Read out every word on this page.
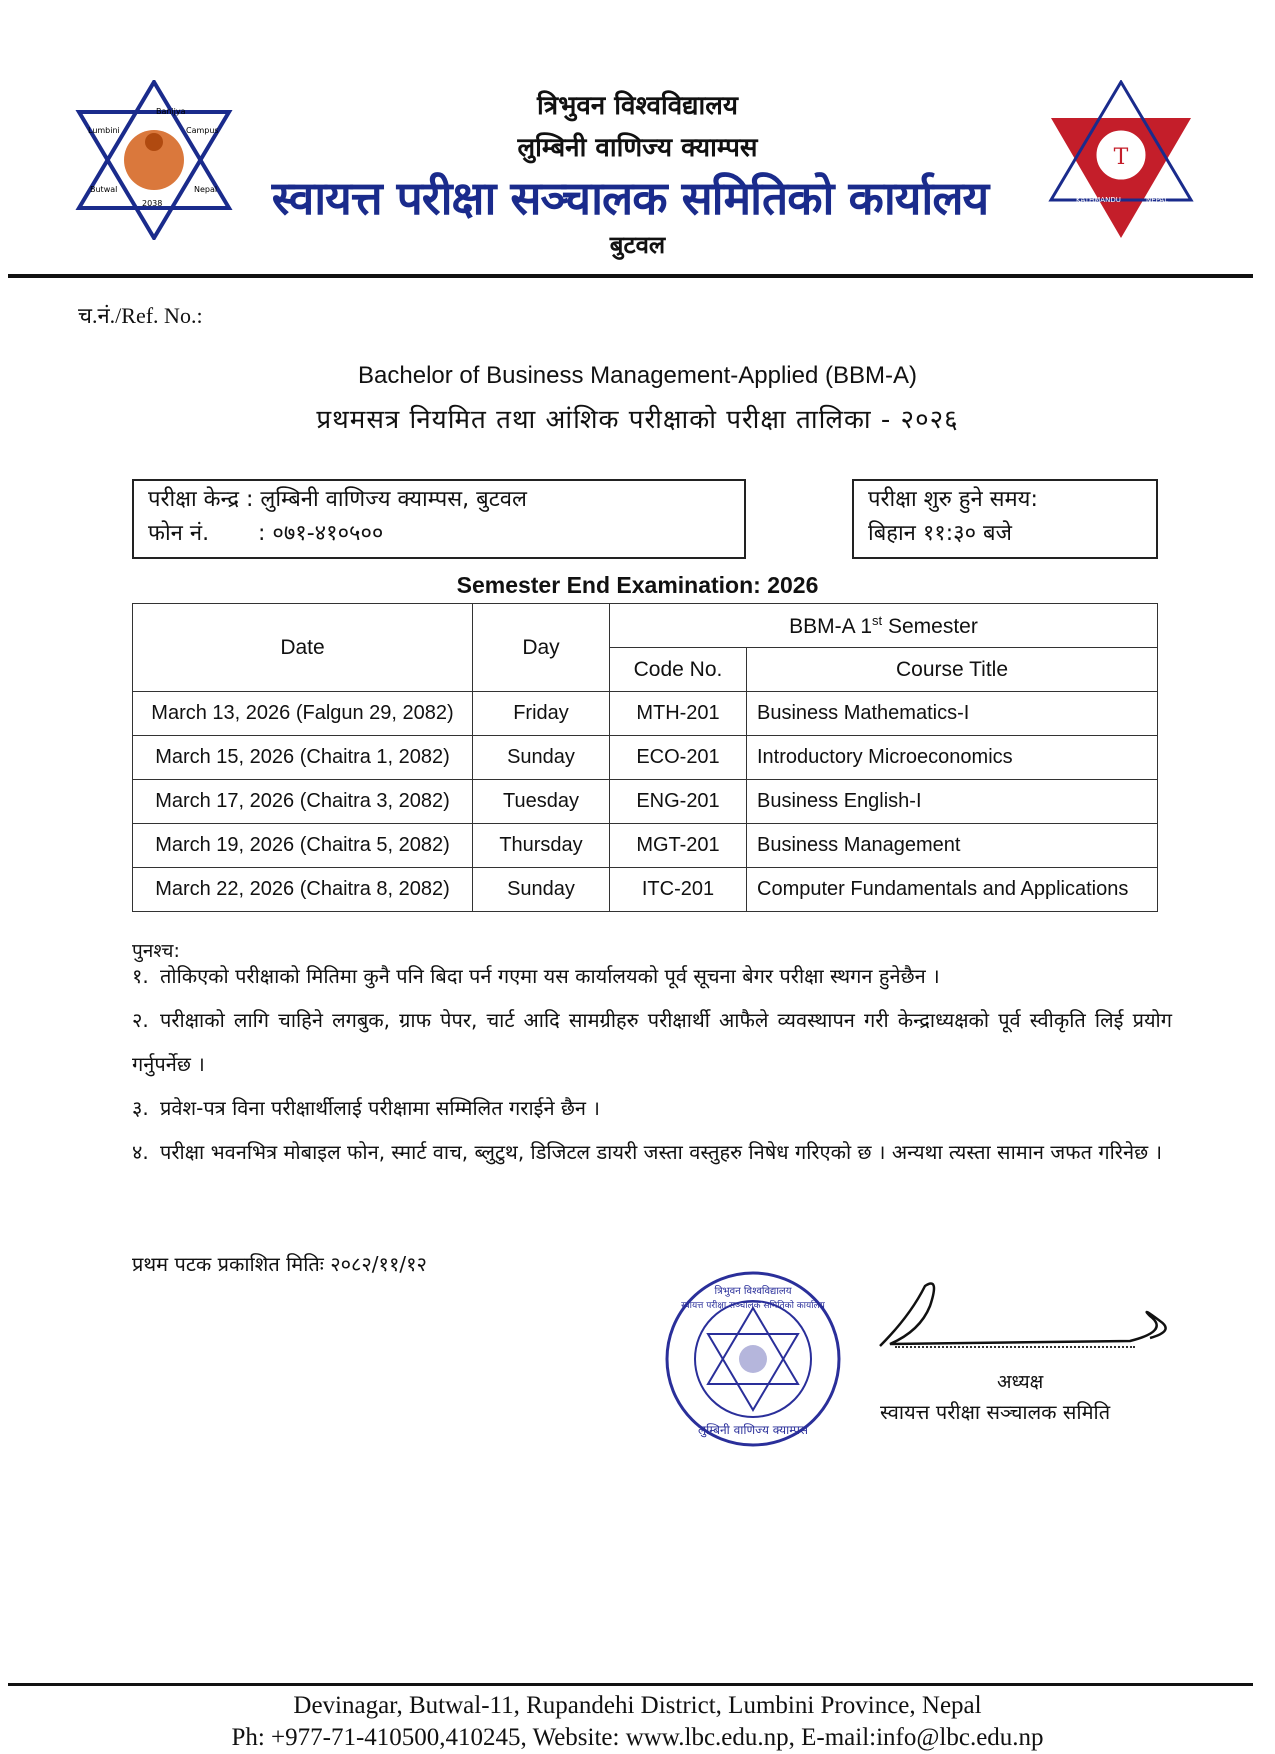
Banijya
Lumbini	Campus
Butwal	Nepal
2038
T
KATHMANDU	NEPAL
त्रिभुवन विश्वविद्यालय
लुम्बिनी वाणिज्य क्याम्पस
स्वायत्त परीक्षा सञ्चालक समितिको कार्यालय
बुटवल
च.नं./Ref. No.:
Bachelor of Business Management-Applied (BBM-A)
प्रथमसत्र नियमित तथा आंशिक परीक्षाको परीक्षा तालिका - २०२६
परीक्षा केन्द्र : लुम्बिनी वाणिज्य क्याम्पस, बुटवल
फोन नं.       : ०७१-४१०५००
परीक्षा शुरु हुने समय:
बिहान ११:३० बजे
Semester End Examination: 2026
Date	Day	BBM-A 1st Semester	
		Code No.	Course Title
March 13, 2026 (Falgun 29, 2082)	Friday	MTH-201	Business Mathematics-I
March 15, 2026 (Chaitra 1, 2082)	Sunday	ECO-201	Introductory Microeconomics
March 17, 2026 (Chaitra 3, 2082)	Tuesday	ENG-201	Business English-I
March 19, 2026 (Chaitra 5, 2082)	Thursday	MGT-201	Business Management
March 22, 2026 (Chaitra 8, 2082)	Sunday	ITC-201	Computer Fundamentals and Applications
पुनश्च:
१. तोकिएको परीक्षाको मितिमा कुनै पनि बिदा पर्न गएमा यस कार्यालयको पूर्व सूचना बेगर परीक्षा स्थगन हुनेछैन ।
२. परीक्षाको लागि चाहिने लगबुक, ग्राफ पेपर, चार्ट आदि सामग्रीहरु परीक्षार्थी आफैले व्यवस्थापन गरी केन्द्राध्यक्षको पूर्व स्वीकृति लिई प्रयोग गर्नुपर्नेछ ।
३. प्रवेश-पत्र विना परीक्षार्थीलाई परीक्षामा सम्मिलित गराईने छैन ।
४. परीक्षा भवनभित्र मोबाइल फोन, स्मार्ट वाच, ब्लुटुथ, डिजिटल डायरी जस्ता वस्तुहरु निषेध गरिएको छ । अन्यथा त्यस्ता सामान जफत गरिनेछ ।
प्रथम पटक प्रकाशित मितिः २०८२/११/१२
त्रिभुवन विश्वविद्यालय
लुम्बिनी वाणिज्य क्याम्पस
स्वायत्त परीक्षा सञ्चालक समितिको कार्यालय
अध्यक्ष
स्वायत्त परीक्षा सञ्चालक समिति
Devinagar, Butwal-11, Rupandehi District, Lumbini Province, Nepal
Ph: +977-71-410500,410245, Website: www.lbc.edu.np, E-mail:info@lbc.edu.np
